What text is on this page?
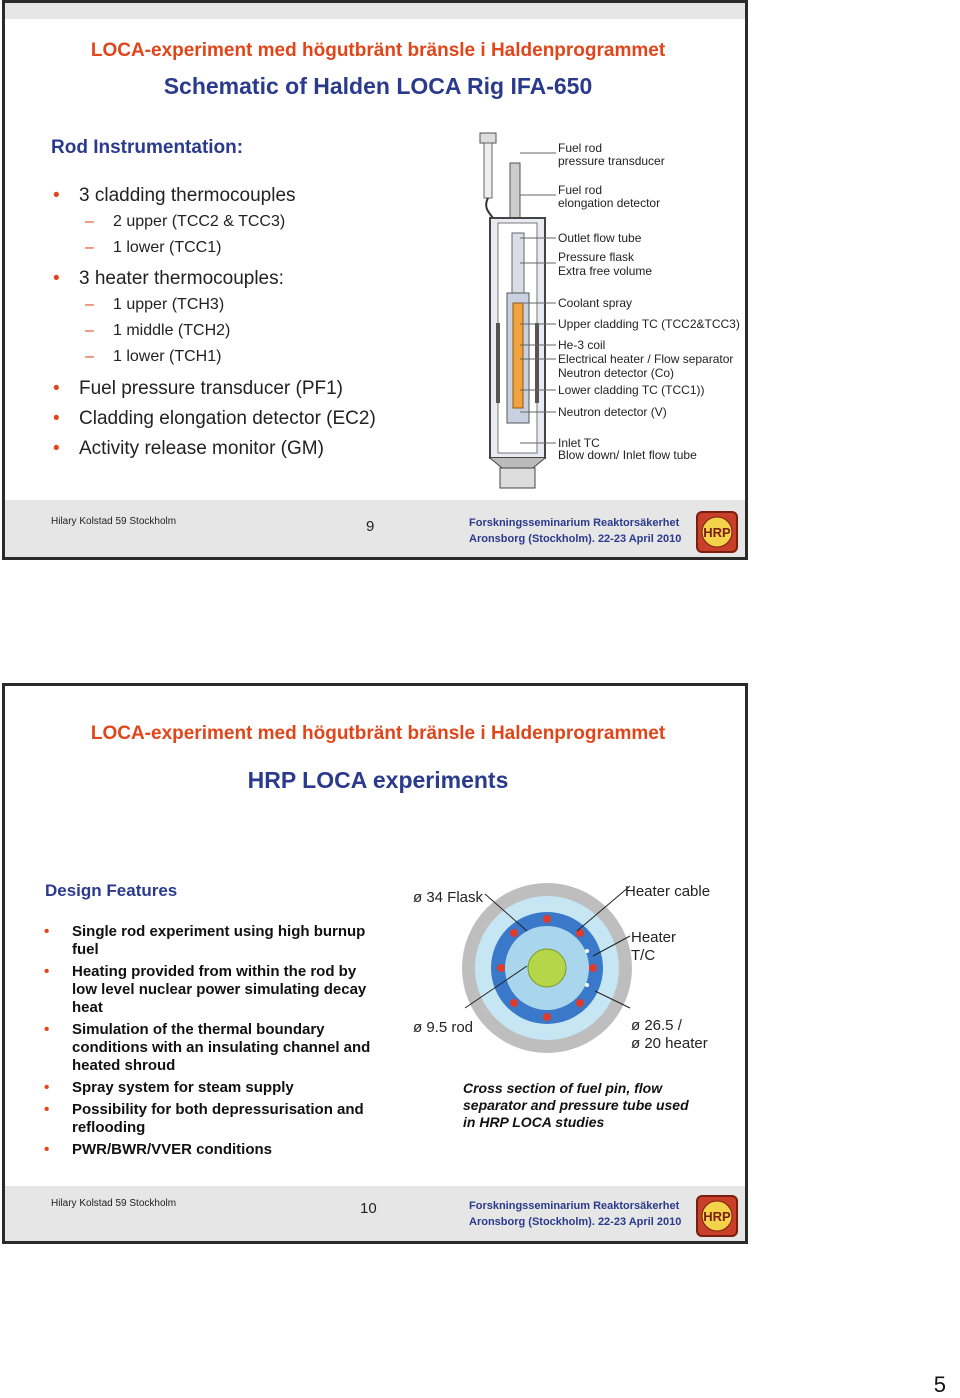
LOCA-experiment med högutbränt bränsle i Haldenprogrammet
Schematic of Halden LOCA Rig IFA-650
Rod Instrumentation:
• 3 cladding thermocouples
– 2 upper (TCC2 & TCC3)
– 1 lower (TCC1)
• 3 heater thermocouples:
– 1 upper (TCH3)
– 1 middle (TCH2)
– 1 lower (TCH1)
• Fuel pressure transducer (PF1)
• Cladding elongation detector (EC2)
• Activity release monitor (GM)
Fuel rod
pressure transducer
Fuel rod
elongation detector
Outlet flow tube
Pressure flask
Extra free volume
Coolant spray
Upper cladding TC (TCC2&TCC3)
He-3 coil
Electrical heater / Flow separator
Neutron detector (Co)
Lower cladding TC (TCC1))
Neutron detector (V)
Inlet TC
Blow down/ Inlet flow tube
Hilary Kolstad 59 Stockholm	9	Forskningsseminarium Reaktorsäkerhet
Aronsborg (Stockholm). 22-23 April 2010 HRP
LOCA-experiment med högutbränt bränsle i Haldenprogrammet
HRP LOCA experiments
Design Features
• Single rod experiment using high burnup fuel
• Heating provided from within the rod by low level nuclear power simulating decay heat
• Simulation of the thermal boundary conditions with an insulating channel and heated shroud
• Spray system for steam supply
• Possibility for both depressurisation and reflooding
• PWR/BWR/VVER conditions
ø 34 Flask	Heater cable
Heater
T/C
ø 9.5 rod	ø 26.5 /
ø 20 heater
Cross section of fuel pin, flow separator and pressure tube used in HRP LOCA studies
Hilary Kolstad 59 Stockholm	10	Forskningsseminarium Reaktorsäkerhet
Aronsborg (Stockholm). 22-23 April 2010 HRP
5
